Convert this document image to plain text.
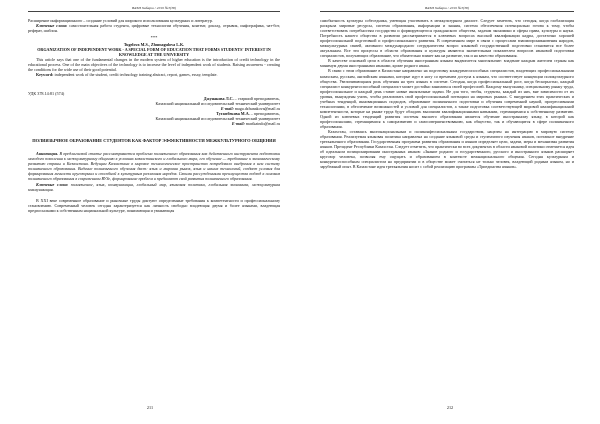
ВАЭИ Хабарш / 2019 №3(38)

Расширение информационного – создание условий для широкого использования культурных и литератур.

Ключевые слова: самостоятельная работа студента, цифровые технологии обучения, контент, доклад, отрывок, инфографика, чат-бот, реферат, шаблон.

***

Tugelova M.S., Zhumagulova L.K.

ORGANIZATION OF INDEPENDENT WORK - A SPECIAL FORM OF EDUCATION THAT FORMS STUDENTS' INTEREST IN KNOWLEDGE AT THE UNIVERSITY

This article says that one of the fundamental changes in the modern system of higher education is the introduction of credit technology in the educational process. One of the main objectives of the technology is to increase the level of independent work of students. Raising awareness - creating the conditions for the wide use of their good potential.

Keyword: independent work of the student, credit technology training abstract, report, games, essay, template.

УДК 378.14:81 (574)
Джунакова Л.С. – старший преподаватель,
Казахский национальный исследовательский технический университет
E-mail: maga.dzhunakova@mail.ru
Тугамбекова М.А. – преподаватель,
Казахский национальный исследовательский технический университет
E-mail: marikaindo@mail.ru
ПОЛИЯЗЫЧНОЕ ОБРАЗОВАНИЕ СТУДЕНТОВ КАК ФАКТОР ЭФФЕКТИВНОСТИ МЕЖКУЛЬТУРНОГО ОБЩЕНИЯ

Аннотация. В предлагаемой статье рассматривается проблема полиязычного образования как действенного инструмента подготовки молодого поколения к межкультурному общению в условиях казахстанского и глобального мира, его обучение — требование к экономическому развитию страны и Казахстана. Ведущим Казахстана в мировое технологическое пространство потребовало внедрения в нем систему полиязычного образования. Видение полиязычного обучения даст: язык и мировая рынок, язык и наших технологий, создает условия для формирования личности кругозорных и способной к культурным различиям народов. Своими рассуждениями преимущества подход к основам полиязычного образования в современном ВУЗе, формирование проблем и предлагают свой развития полиязычного образования.

Ключевые слова: полиязычное, язык, коммуникация, глобальный мир, языковая политика, глобальная экономика, межкультурная коммуникация.

В XXI веке современное образование и рыночные труды диктуют определенные требования к компетентности и профессиональному становлению. Современный человек сегодня характеризуется как личность свободно владеющая двумя и более языками, владеющая предпосылками к собственным национальной культуре, понимающая и уважающая

211
ВАЭИ Хабарш / 2019 №3(38)

самобытность культуры собеседника, умеющая участвовать в межкультурном диалоге. Следует заметить, что сегодня, когда глобализация раскрыла мировые ресурсы, система образования, информации и знания, система обеспечения потенциально готова к тому, чтобы соответствовать потребностям государства и формирующегося гражданского общества, задачам экономики и сферы права, культуры и науки. Потребность нашего общества в развитии рассматривается в ключевых вопросах высокой квалификации кадры, достаточно хорошей профессиональной подготовкой и профессионального развития. В современном мире в связи с процессами взаимопроникновения народов, межкультурных связей, активного международного сотрудничества вопрос языковой государственной подготовки становится все более актуальным. Все эти процессы в области образования и культуры являются значительным показателем вопросов языковой подготовки специалистов, получающих образование, что обязательно влияет как на развитие, так и на качество образования.

В качестве основной цели в области обучения иностранным языкам выдвигается многоязычие: владение каждым жителем страны как минимум двумя иностранными языками, кроме родного языка.

В связи с этим образование в Казахстане направлено на подготовку конкурентоспособных специалистов, владеющих профессиональными казахским, русским, английским языками, которые идут в ногу со временем доступа к языкам, что соответствует концепции поликультурного общества. Увеличивающаяся роль обучения на трех языках в системе. Сегодня, когда профессиональный рост, когда бескорыстно, каждый специалист конкурентоспособный специалист может достойно заниматься своей профессией. Каждому выпускнику, специальному рынку труда, профессиональное и каждый день ставит новые иноязычные задачи. Не для того, чтобы, студенты, каждый из них, вне зависимости от их уровня, вынуждены учить, чтобы реализовать свой профессиональный потенциал на мировых рынках. С внедрением этих практических и учебных тенденций, инновационных подходов, образование полиязычного подготовки и обучения современной наукой, прогрессивными технологиями, в обеспечение возможностей и условий для специалистов, а также подготовка соответствующей мировой квалификационной компетентности, которые на рынке труда будут обладать высокими квалификационными навыками, стремящимися к собственному развитию. Одной из ключевых тенденций развития системы высшего образования является обучение иностранному языку, в которой как профессионалами, стремящимися к саморазвитию и самосовершенствованию, как общество, так и обучающиеся в сфере полиязычного образования.

Казахстан, оставаясь многонациональным и поликонфессиональным государством, нацелен на интеграцию в мировую систему образования. Реализуемая языковая политика направлена на создание языковой среды и ступенчатого изучения языков, поэтапное внедрение трехъязычного образования. Государственная программа развития образования и языков определяет цели, задачи, меры и механизмы развития языков. Президент Республики Казахстан. Следует отметить, что практически во всех документах в области языковой политики отмечается идея об идеальном позиционировании иностранных языков: «Знание родного и государственного, русского и иностранного языков расширяет кругозор человека, позволяя ему ощущать и образованием в контексте межнационального общения. Сегодня культурным и конкурентоспособным специалистом на предприятии и в обществе может считаться не только человек, владеющий родным языком, но и зарубежный опыт. В Казахстане идея трехъязычия носит с собой реализацию программы «Триединства языков».

212
